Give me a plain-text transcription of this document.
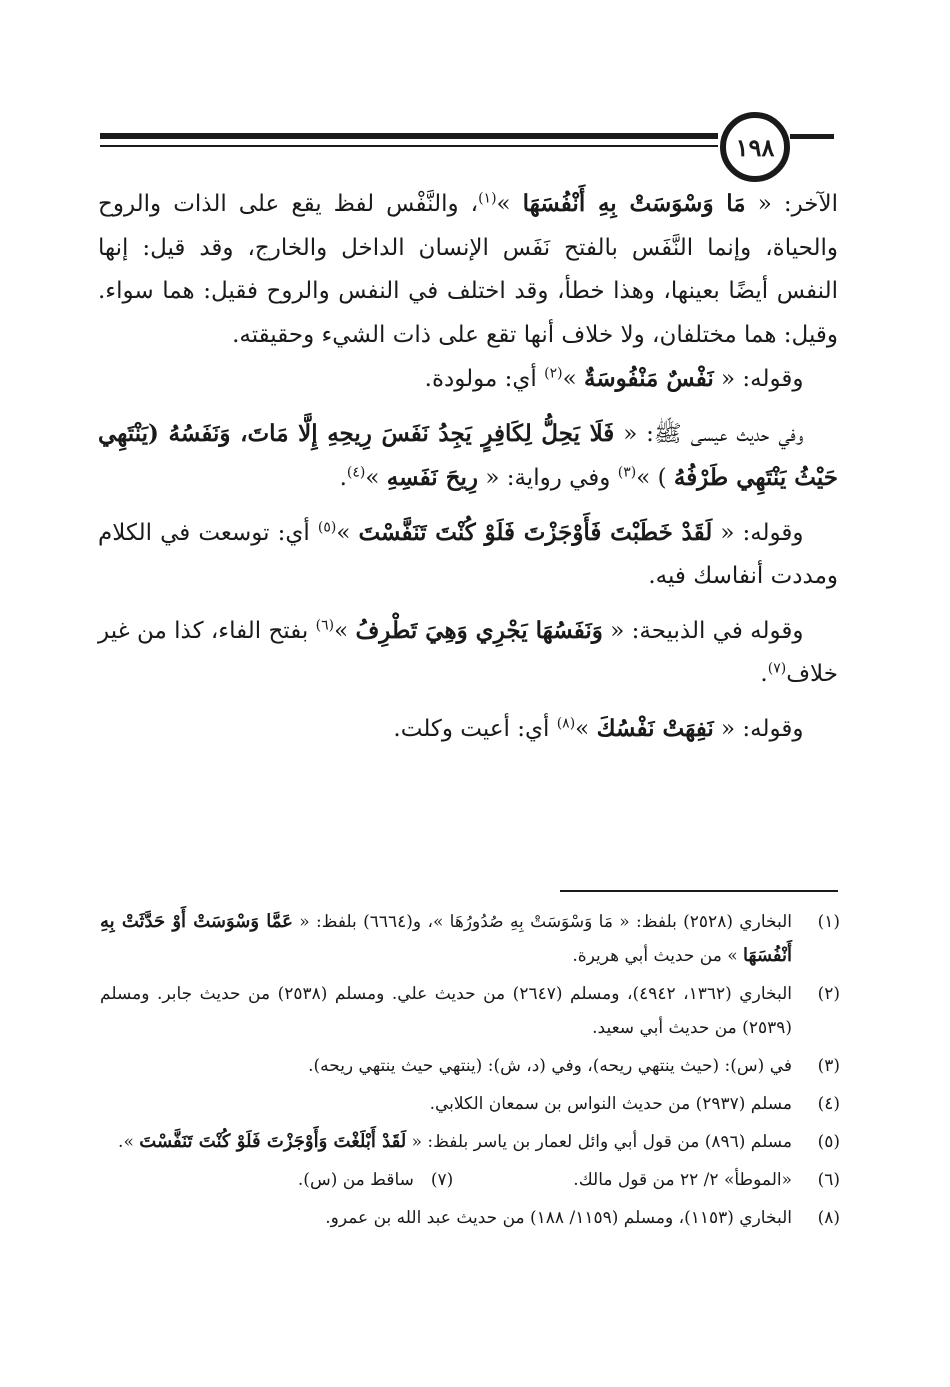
١٩٨

الآخر: « مَا وَسْوَسَتْ بِهِ أَنْفُسَهَا »$^{(١)}$، والنَّفْس لفظ يقع على الذات والروح والحياة، وإنما النَّفَس بالفتح نَفَس الإنسان الداخل والخارج، وقد قيل: إنها النفس أيضًا بعينها، وهذا خطأ، وقد اختلف في النفس والروح فقيل: هما سواء. وقيل: هما مختلفان، ولا خلاف أنها تقع على ذات الشيء وحقيقته.

  وقوله: « نَفْسٌ مَنْفُوسَةٌ »$^{(٢)}$ أي: مولودة.

  وفي حديث عيسى ﷺ: « فَلَا يَحِلُّ لِكَافِرٍ يَجِدُ نَفَسَ رِيحِهِ إِلَّا مَاتَ، وَنَفَسُهُ (يَنْتَهِي حَيْثُ يَنْتَهِي طَرْفُهُ ) »$^{(٣)}$ وفي رواية: « رِيحَ نَفَسِهِ »$^{(٤)}$.

  وقوله: « لَقَدْ خَطَبْتَ فَأَوْجَزْتَ فَلَوْ كُنْتَ تَنَفَّسْتَ »$^{(٥)}$ أي: توسعت في الكلام ومددت أنفاسك فيه.

  وقوله في الذبيحة: « وَنَفَسُهَا يَجْرِي وَهِيَ تَطْرِفُ »$^{(٦)}$ بفتح الفاء، كذا من غير خلاف$^{(٧)}$.

  وقوله: « نَفِهَتْ نَفْسُكَ »$^{(٨)}$ أي: أعيت وكلت.

(١)
البخاري (٢٥٢٨) بلفظ: « مَا وَسْوَسَتْ بِهِ صُدُورُهَا »، و(٦٦٦٤) بلفظ: « عَمَّا وَسْوَسَتْ أَوْ حَدَّثَتْ بِهِ أَنْفُسَهَا » من حديث أبي هريرة.
(٢)
البخاري (١٣٦٢، ٤٩٤٢)، ومسلم (٢٦٤٧) من حديث علي. ومسلم (٢٥٣٨) من حديث جابر. ومسلم (٢٥٣٩) من حديث أبي سعيد.
(٣)
في (س): (حيث ينتهي ريحه)، وفي (د، ش): (ينتهي حيث ينتهي ريحه).
(٤)
مسلم (٢٩٣٧) من حديث النواس بن سمعان الكلابي.
(٥)
مسلم (٨٩٦) من قول أبي وائل لعمار بن ياسر بلفظ: « لَقَدْ أَبْلَغْتَ وَأَوْجَزْتَ فَلَوْ كُنْتَ تَنَفَّسْتَ ».
(٦)
«الموطأ» ٢/ ٢٢ من قول مالك.(٧) ساقط من (س).
(٨)
البخاري (١١٥٣)، ومسلم (١١٥٩/ ١٨٨) من حديث عبد الله بن عمرو.
